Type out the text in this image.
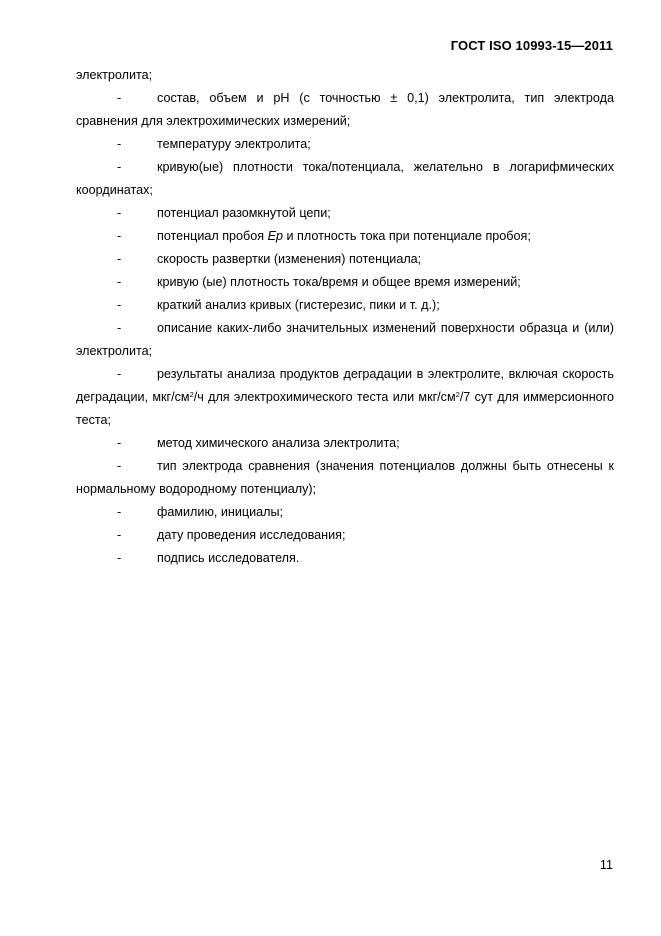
ГОСТ ISO 10993-15—2011

электролита;

-	состав, объем и рН (с точностью ± 0,1) электролита, тип электрода сравнения для электрохимических измерений;

-	температуру электролита;

-	кривую(ые) плотности тока/потенциала, желательно в логарифмических координатах;

-	потенциал разомкнутой цепи;

-	потенциал пробоя Ep и плотность тока при потенциале пробоя;

-	скорость развертки (изменения) потенциала;

-	кривую (ые) плотность тока/время и общее время измерений;

-	краткий анализ кривых (гистерезис, пики и т. д.);

-	описание каких-либо значительных изменений поверхности образца и (или) электролита;

-	результаты анализа продуктов деградации в электролите, включая скорость деградации, мкг/$см^2/ч$ для электрохимического теста или мкг/$см^2/7$ сут для иммерсионного теста;

-	метод химического анализа электролита;

-	тип электрода сравнения (значения потенциалов должны быть отнесены к нормальному водородному потенциалу);

-	фамилию, инициалы;

-	дату проведения исследования;

-	подпись исследователя.

11
